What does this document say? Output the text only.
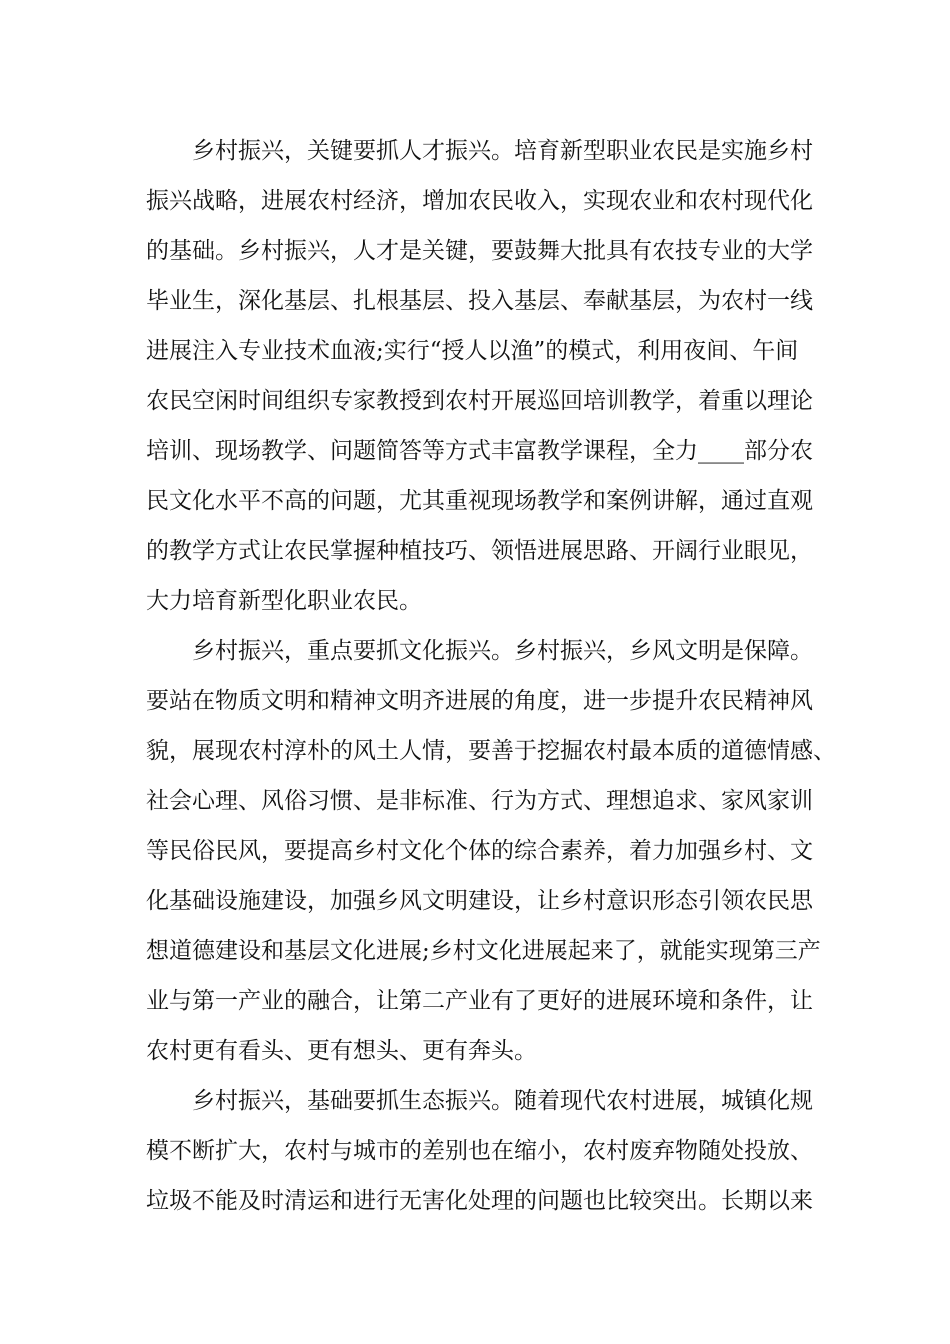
乡村振兴，关键要抓人才振兴。培育新型职业农民是实施乡村
振兴战略，进展农村经济，增加农民收入，实现农业和农村现代化
的基础。乡村振兴，人才是关键，要鼓舞大批具有农技专业的大学
毕业生，深化基层、扎根基层、投入基层、奉献基层，为农村一线
进展注入专业技术血液;实行“授人以渔”的模式，利用夜间、午间
农民空闲时间组织专家教授到农村开展巡回培训教学，着重以理论
培训、现场教学、问题简答等方式丰富教学课程，全力____部分农
民文化水平不高的问题，尤其重视现场教学和案例讲解，通过直观
的教学方式让农民掌握种植技巧、领悟进展思路、开阔行业眼见，
大力培育新型化职业农民。
乡村振兴，重点要抓文化振兴。乡村振兴，乡风文明是保障。
要站在物质文明和精神文明齐进展的角度，进一步提升农民精神风
貌，展现农村淳朴的风土人情，要善于挖掘农村最本质的道德情感、
社会心理、风俗习惯、是非标准、行为方式、理想追求、家风家训
等民俗民风，要提高乡村文化个体的综合素养，着力加强乡村、文
化基础设施建设，加强乡风文明建设，让乡村意识形态引领农民思
想道德建设和基层文化进展;乡村文化进展起来了，就能实现第三产
业与第一产业的融合，让第二产业有了更好的进展环境和条件，让
农村更有看头、更有想头、更有奔头。
乡村振兴，基础要抓生态振兴。随着现代农村进展，城镇化规
模不断扩大，农村与城市的差别也在缩小，农村废弃物随处投放、
垃圾不能及时清运和进行无害化处理的问题也比较突出。长期以来
